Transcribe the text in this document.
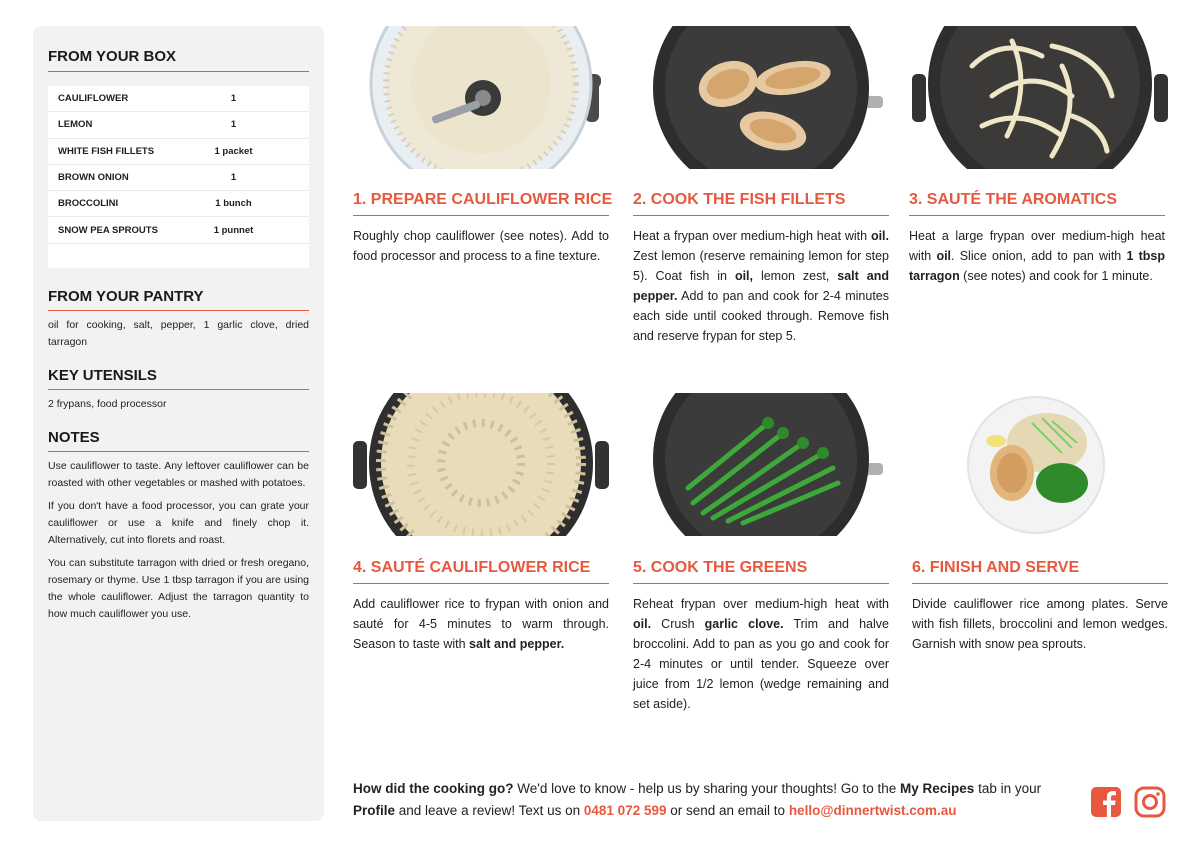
FROM YOUR BOX
CAULIFLOWER	1
LEMON	1
WHITE FISH FILLETS	1 packet
BROWN ONION	1
BROCCOLINI	1 bunch
SNOW PEA SPROUTS	1 punnet
FROM YOUR PANTRY
oil for cooking, salt, pepper, 1 garlic clove, dried tarragon
KEY UTENSILS
2 frypans, food processor
NOTES

Use cauliflower to taste. Any leftover cauliflower can be roasted with other vegetables or mashed with potatoes.

If you don't have a food processor, you can grate your cauliflower or use a knife and finely chop it. Alternatively, cut into florets and roast.

You can substitute tarragon with dried or fresh oregano, rosemary or thyme. Use 1 tbsp tarragon if you are using the whole cauliflower. Adjust the tarragon quantity to how much cauliflower you use.

1. PREPARE CAULIFLOWER RICE
Roughly chop cauliflower (see notes). Add to food processor and process to a fine texture.
2. COOK THE FISH FILLETS
Heat a frypan over medium-high heat with oil. Zest lemon (reserve remaining lemon for step 5). Coat fish in oil, lemon zest, salt and pepper. Add to pan and cook for 2-4 minutes each side until cooked through. Remove fish and reserve frypan for step 5.
3. SAUTÉ THE AROMATICS
Heat a large frypan over medium-high heat with oil. Slice onion, add to pan with 1 tbsp tarragon (see notes) and cook for 1 minute.
4. SAUTÉ CAULIFLOWER RICE
Add cauliflower rice to frypan with onion and sauté for 4-5 minutes to warm through. Season to taste with salt and pepper.
5. COOK THE GREENS
Reheat frypan over medium-high heat with oil. Crush garlic clove. Trim and halve broccolini. Add to pan as you go and cook for 2-4 minutes or until tender. Squeeze over juice from 1/2 lemon (wedge remaining and set aside).
6. FINISH AND SERVE
Divide cauliflower rice among plates. Serve with fish fillets, broccolini and lemon wedges. Garnish with snow pea sprouts.
How did the cooking go? We'd love to know - help us by sharing your thoughts! Go to the My Recipes tab in your Profile and leave a review! Text us on 0481 072 599 or send an email to hello@dinnertwist.com.au
